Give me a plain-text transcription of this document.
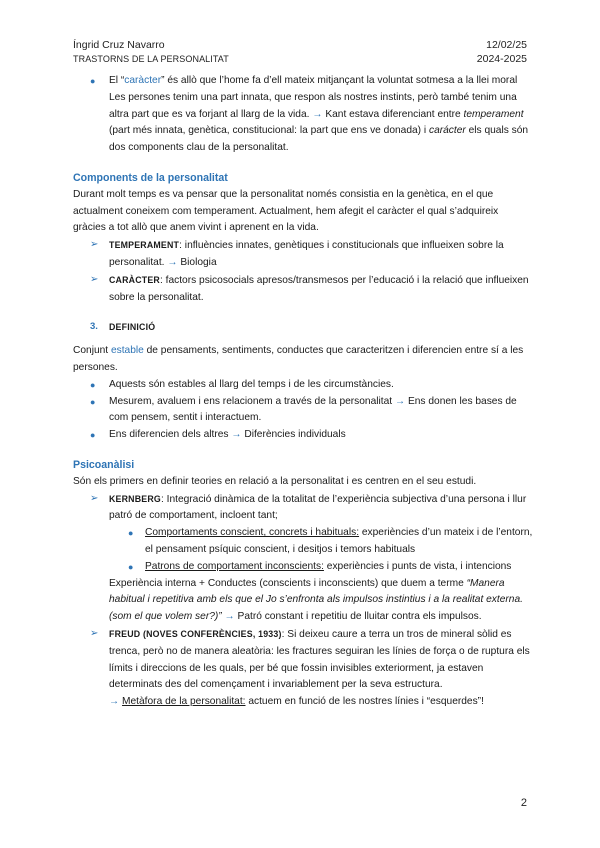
Íngrid Cruz Navarro
TRASTORNS DE LA PERSONALITAT
12/02/25
2024-2025
● El “caràcter” és allò que l’home fa d’ell mateix mitjançant la voluntat sotmesa a la llei moral

Les persones tenim una part innata, que respon als nostres instints, però també tenim una altra part que es va forjant al llarg de la vida. → Kant estava diferenciant entre temperament (part més innata, genètica, constitucional: la part que ens ve donada) i carácter els quals són dos components clau de la personalitat.

Components de la personalitat

Durant molt temps es va pensar que la personalitat només consistia en la genètica, en el que actualment coneixem com temperament. Actualment, hem afegit el caràcter el qual s’adquireix gràcies a tot allò que anem vivint i aprenent en la vida.

➢ TEMPERAMENT: influències innates, genètiques i constitucionals que influeixen sobre la personalitat. → Biologia
➢ CARÀCTER: factors psicosocials apresos/transmesos per l’educació i la relació que influeixen sobre la personalitat.
3. DEFINICIÓ

Conjunt estable de pensaments, sentiments, conductes que caracteritzen i diferencien entre sí a les persones.

● Aquests són estables al llarg del temps i de les circumstàncies.
● Mesurem, avaluem i ens relacionem a través de la personalitat → Ens donen les bases de com pensem, sentit i interactuem.
● Ens diferencien dels altres → Diferències individuals
Psicoanàlisi

Són els primers en definir teories en relació a la personalitat i es centren en el seu estudi.

➢ KERNBERG: Integració dinàmica de la totalitat de l’experiència subjectiva d’una persona i llur patró de comportament, incloent tant;
● Comportaments conscient, concrets i habituals: experiències d’un mateix i de l’entorn, el pensament psíquic conscient, i desitjos i temors habituals
● Patrons de comportament inconscients: experiències i punts de vista, i intencions

Experiència interna + Conductes (conscients i inconscients) que duem a terme “Manera habitual i repetitiva amb els que el Jo s’enfronta als impulsos instintius i a la realitat externa. (som el que volem ser?)” → Patró constant i repetitiu de lluitar contra els impulsos.

➢ FREUD (NOVES CONFERÈNCIES, 1933): Si deixeu caure a terra un tros de mineral sòlid es trenca, però no de manera aleatòria: les fractures seguiran les línies de força o de ruptura els límits i direccions de les quals, per bé que fossin invisibles exteriorment, ja estaven determinats des del començament i invariablement per la seva estructura.
→ Metàfora de la personalitat: actuem en funció de les nostres línies i “esquerdes”!
2
